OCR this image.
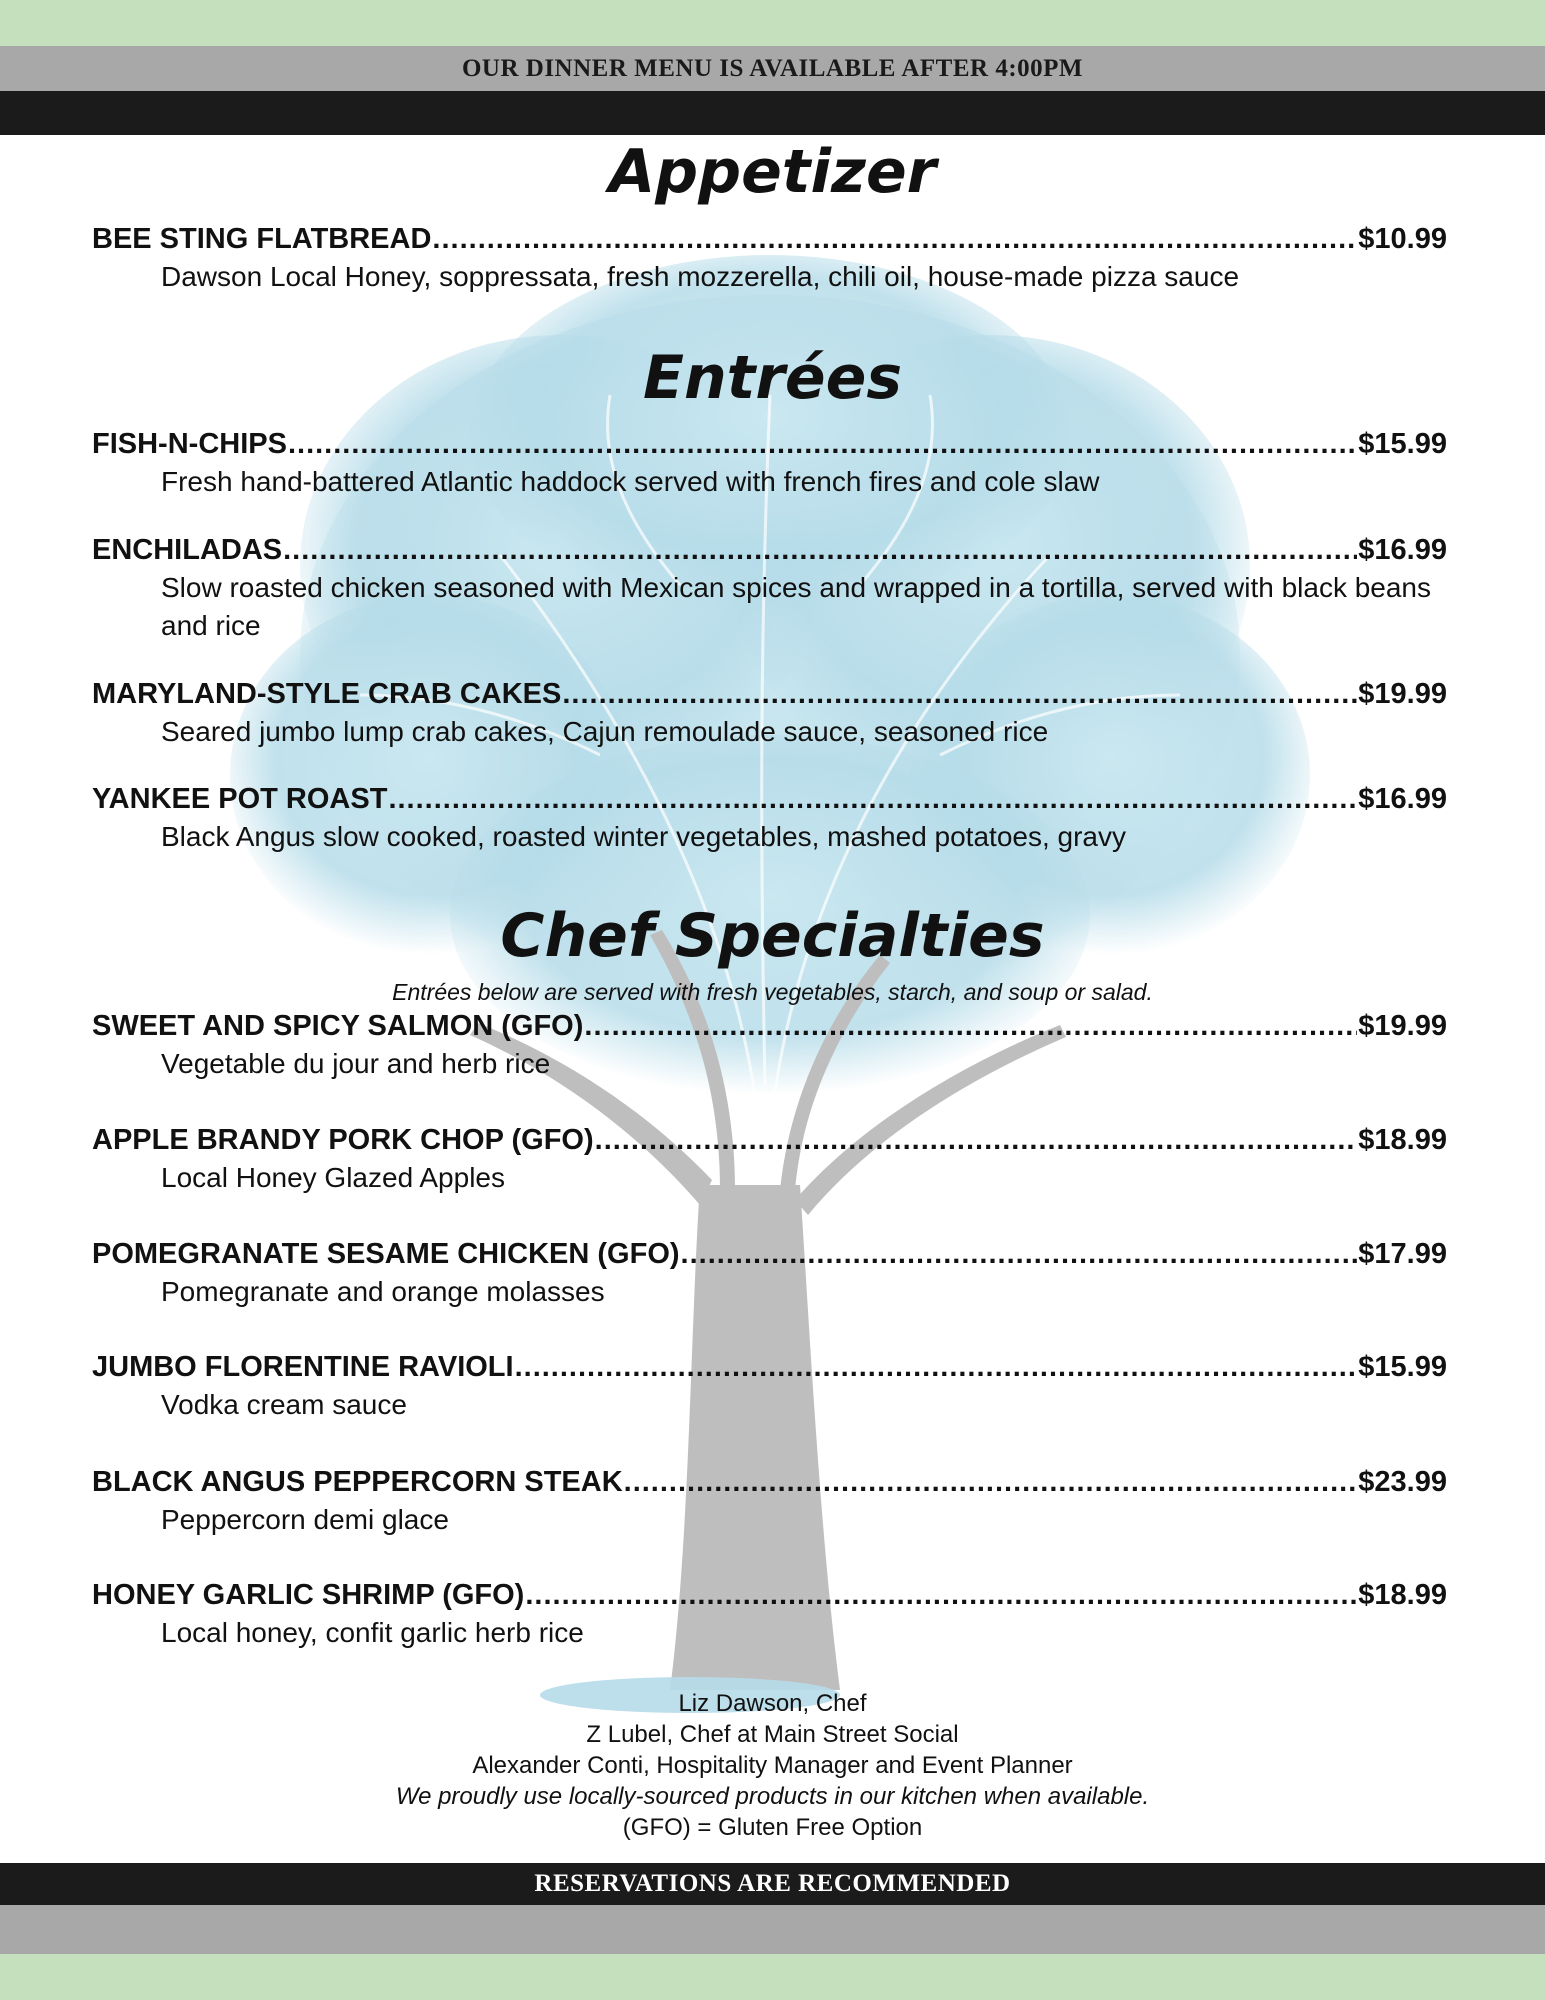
OUR DINNER MENU IS AVAILABLE AFTER 4:00PM
Appetizer
BEE STING FLATBREAD .....	$10.99
Dawson Local Honey, soppressata, fresh mozzerella, chili oil, house-made pizza sauce
Entrées
FISH-N-CHIPS .....	$15.99
Fresh hand-battered Atlantic haddock served with french fires and cole slaw
ENCHILADAS .....	$16.99
Slow roasted chicken seasoned with Mexican spices and wrapped in a tortilla, served with black beans and rice
MARYLAND-STYLE CRAB CAKES .....	$19.99
Seared jumbo lump crab cakes, Cajun remoulade sauce, seasoned rice
YANKEE POT ROAST .....	$16.99
Black Angus slow cooked, roasted winter vegetables, mashed potatoes, gravy
Chef Specialties
Entrées below are served with fresh vegetables, starch, and soup or salad.
SWEET AND SPICY SALMON (GFO) .....	$19.99
Vegetable du jour and herb rice
APPLE BRANDY PORK CHOP (GFO) .....	$18.99
Local Honey Glazed Apples
POMEGRANATE SESAME CHICKEN (GFO) .....	$17.99
Pomegranate and orange molasses
JUMBO FLORENTINE RAVIOLI .....	$15.99
Vodka cream sauce
BLACK ANGUS PEPPERCORN STEAK .....	$23.99
Peppercorn demi glace
HONEY GARLIC SHRIMP (GFO) .....	$18.99
Local honey, confit garlic herb rice
Liz Dawson, Chef
Z Lubel, Chef at Main Street Social
Alexander Conti, Hospitality Manager and Event Planner
We proudly use locally-sourced products in our kitchen when available.
(GFO) = Gluten Free Option
RESERVATIONS ARE RECOMMENDED
